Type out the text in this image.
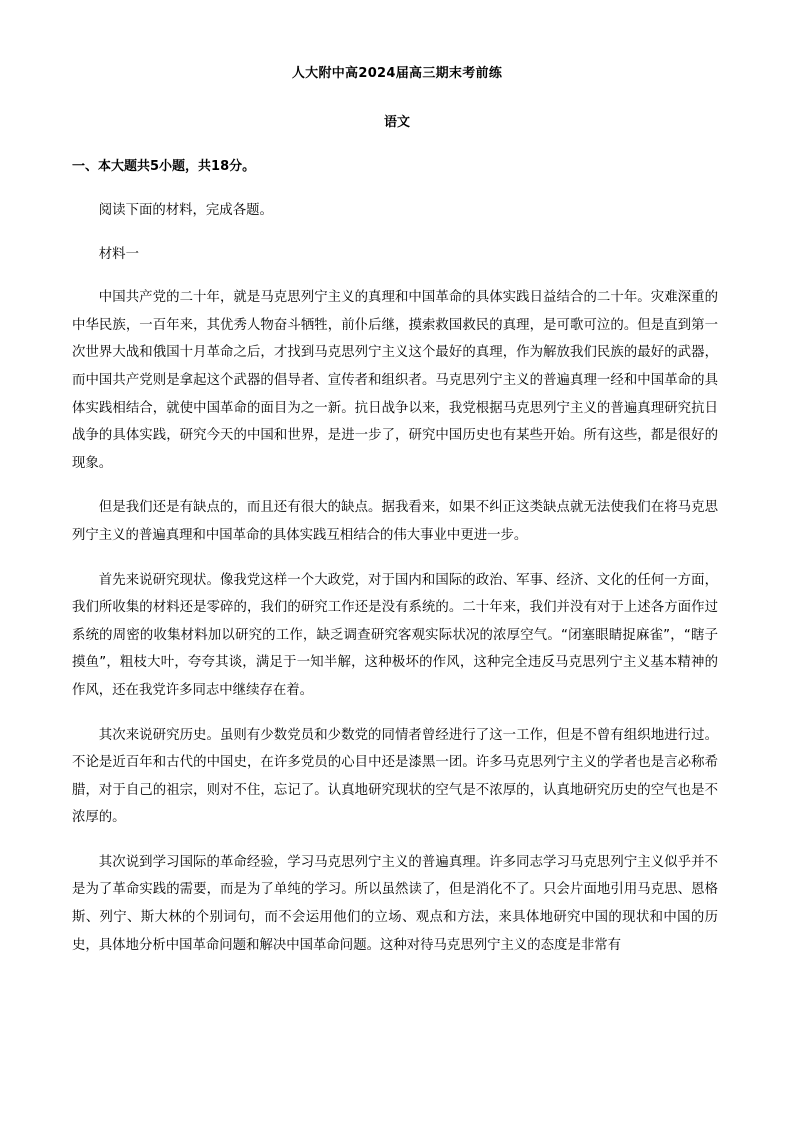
人大附中高2024届高三期末考前练
语文
一、本大题共5小题，共18分。

阅读下面的材料，完成各题。

材料一

中国共产党的二十年，就是马克思列宁主义的真理和中国革命的具体实践日益结合的二十年。灾难深重的中华民族，一百年来，其优秀人物奋斗牺牲，前仆后继，摸索救国救民的真理，是可歌可泣的。但是直到第一次世界大战和俄国十月革命之后，才找到马克思列宁主义这个最好的真理，作为解放我们民族的最好的武器，而中国共产党则是拿起这个武器的倡导者、宣传者和组织者。马克思列宁主义的普遍真理一经和中国革命的具体实践相结合，就使中国革命的面目为之一新。抗日战争以来，我党根据马克思列宁主义的普遍真理研究抗日战争的具体实践，研究今天的中国和世界，是进一步了，研究中国历史也有某些开始。所有这些，都是很好的现象。

但是我们还是有缺点的，而且还有很大的缺点。据我看来，如果不纠正这类缺点就无法使我们在将马克思列宁主义的普遍真理和中国革命的具体实践互相结合的伟大事业中更进一步。

首先来说研究现状。像我党这样一个大政党，对于国内和国际的政治、军事、经济、文化的任何一方面，我们所收集的材料还是零碎的，我们的研究工作还是没有系统的。二十年来，我们并没有对于上述各方面作过系统的周密的收集材料加以研究的工作，缺乏调查研究客观实际状况的浓厚空气。“闭塞眼睛捉麻雀”，“瞎子摸鱼”，粗枝大叶，夸夸其谈，满足于一知半解，这种极坏的作风，这种完全违反马克思列宁主义基本精神的作风，还在我党许多同志中继续存在着。

其次来说研究历史。虽则有少数党员和少数党的同情者曾经进行了这一工作，但是不曾有组织地进行过。不论是近百年和古代的中国史，在许多党员的心目中还是漆黑一团。许多马克思列宁主义的学者也是言必称希腊，对于自己的祖宗，则对不住，忘记了。认真地研究现状的空气是不浓厚的，认真地研究历史的空气也是不浓厚的。

其次说到学习国际的革命经验，学习马克思列宁主义的普遍真理。许多同志学习马克思列宁主义似乎并不是为了革命实践的需要，而是为了单纯的学习。所以虽然读了，但是消化不了。只会片面地引用马克思、恩格斯、列宁、斯大林的个别词句，而不会运用他们的立场、观点和方法，来具体地研究中国的现状和中国的历史，具体地分析中国革命问题和解决中国革命问题。这种对待马克思列宁主义的态度是非常有
